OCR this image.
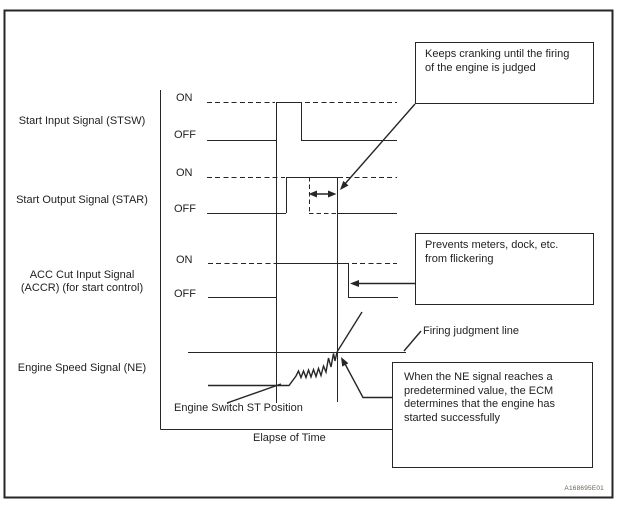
Start Input Signal (STSW)
Start Output Signal (STAR)
ACC Cut Input Signal
(ACCR) (for start control)
Engine Speed Signal (NE)
ON
OFF
ON
OFF
ON
OFF
Engine Switch ST Position
Firing judgment line
Elapse of Time
Keeps cranking until the firing
of the engine is judged
Prevents meters, dock, etc.
from flickering
When the NE signal reaches a
predetermined value, the ECM
determines that the engine has
started successfully
A168695E01
